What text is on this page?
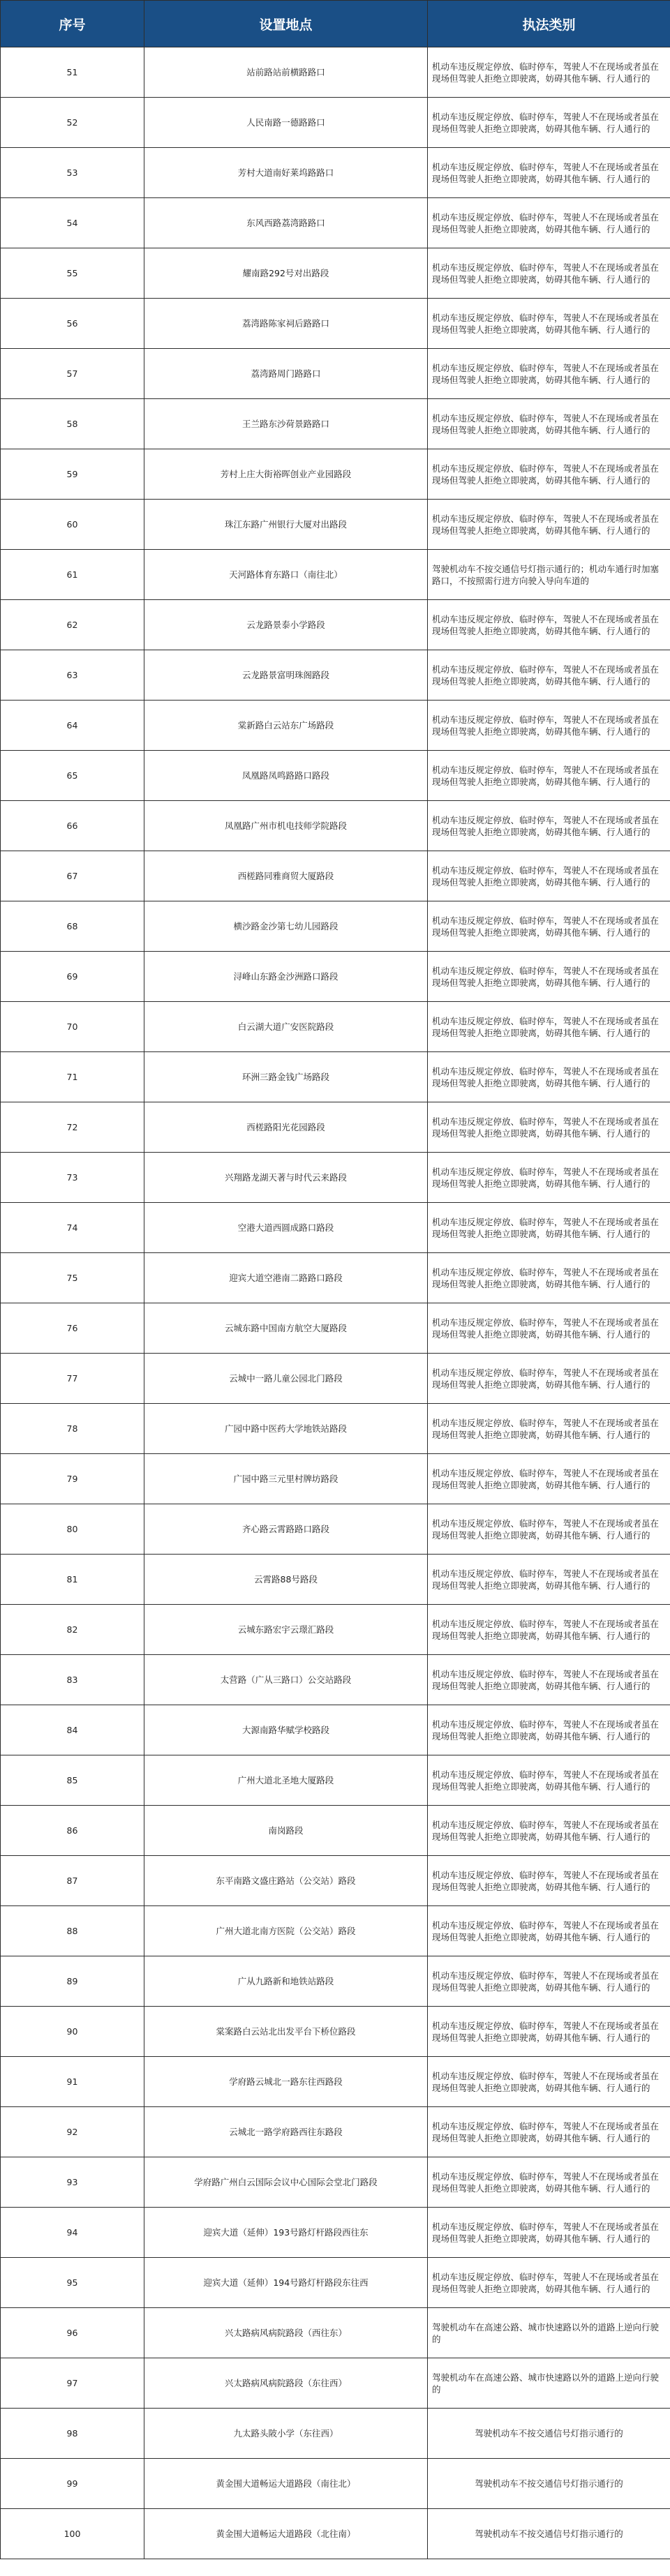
序号	设置地点	执法类别
51	站前路站前横路路口	机动车违反规定停放、临时停车，驾驶人不在现场或者虽在现场但驾驶人拒绝立即驶离，妨碍其他车辆、行人通行的
52	人民南路一德路路口	机动车违反规定停放、临时停车，驾驶人不在现场或者虽在现场但驾驶人拒绝立即驶离，妨碍其他车辆、行人通行的
53	芳村大道南好莱坞路路口	机动车违反规定停放、临时停车，驾驶人不在现场或者虽在现场但驾驶人拒绝立即驶离，妨碍其他车辆、行人通行的
54	东风西路荔湾路路口	机动车违反规定停放、临时停车，驾驶人不在现场或者虽在现场但驾驶人拒绝立即驶离，妨碍其他车辆、行人通行的
55	耀南路292号对出路段	机动车违反规定停放、临时停车，驾驶人不在现场或者虽在现场但驾驶人拒绝立即驶离，妨碍其他车辆、行人通行的
56	荔湾路陈家祠后路路口	机动车违反规定停放、临时停车，驾驶人不在现场或者虽在现场但驾驶人拒绝立即驶离，妨碍其他车辆、行人通行的
57	荔湾路周门路路口	机动车违反规定停放、临时停车，驾驶人不在现场或者虽在现场但驾驶人拒绝立即驶离，妨碍其他车辆、行人通行的
58	王兰路东沙荷景路路口	机动车违反规定停放、临时停车，驾驶人不在现场或者虽在现场但驾驶人拒绝立即驶离，妨碍其他车辆、行人通行的
59	芳村上庄大街裕晖创业产业园路段	机动车违反规定停放、临时停车，驾驶人不在现场或者虽在现场但驾驶人拒绝立即驶离，妨碍其他车辆、行人通行的
60	珠江东路广州银行大厦对出路段	机动车违反规定停放、临时停车，驾驶人不在现场或者虽在现场但驾驶人拒绝立即驶离，妨碍其他车辆、行人通行的
61	天河路体育东路口（南往北）	驾驶机动车不按交通信号灯指示通行的；机动车通行时加塞路口，不按照需行进方向驶入导向车道的
62	云龙路景泰小学路段	机动车违反规定停放、临时停车，驾驶人不在现场或者虽在现场但驾驶人拒绝立即驶离，妨碍其他车辆、行人通行的
63	云龙路景富明珠阁路段	机动车违反规定停放、临时停车，驾驶人不在现场或者虽在现场但驾驶人拒绝立即驶离，妨碍其他车辆、行人通行的
64	棠新路白云站东广场路段	机动车违反规定停放、临时停车，驾驶人不在现场或者虽在现场但驾驶人拒绝立即驶离，妨碍其他车辆、行人通行的
65	凤凰路凤鸣路路口路段	机动车违反规定停放、临时停车，驾驶人不在现场或者虽在现场但驾驶人拒绝立即驶离，妨碍其他车辆、行人通行的
66	凤凰路广州市机电技师学院路段	机动车违反规定停放、临时停车，驾驶人不在现场或者虽在现场但驾驶人拒绝立即驶离，妨碍其他车辆、行人通行的
67	西槎路同雅商贸大厦路段	机动车违反规定停放、临时停车，驾驶人不在现场或者虽在现场但驾驶人拒绝立即驶离，妨碍其他车辆、行人通行的
68	横沙路金沙第七幼儿园路段	机动车违反规定停放、临时停车，驾驶人不在现场或者虽在现场但驾驶人拒绝立即驶离，妨碍其他车辆、行人通行的
69	浔峰山东路金沙洲路口路段	机动车违反规定停放、临时停车，驾驶人不在现场或者虽在现场但驾驶人拒绝立即驶离，妨碍其他车辆、行人通行的
70	白云湖大道广安医院路段	机动车违反规定停放、临时停车，驾驶人不在现场或者虽在现场但驾驶人拒绝立即驶离，妨碍其他车辆、行人通行的
71	环洲三路金钱广场路段	机动车违反规定停放、临时停车，驾驶人不在现场或者虽在现场但驾驶人拒绝立即驶离，妨碍其他车辆、行人通行的
72	西槎路阳光花园路段	机动车违反规定停放、临时停车，驾驶人不在现场或者虽在现场但驾驶人拒绝立即驶离，妨碍其他车辆、行人通行的
73	兴翔路龙湖天著与时代云来路段	机动车违反规定停放、临时停车，驾驶人不在现场或者虽在现场但驾驶人拒绝立即驶离，妨碍其他车辆、行人通行的
74	空港大道西圆成路口路段	机动车违反规定停放、临时停车，驾驶人不在现场或者虽在现场但驾驶人拒绝立即驶离，妨碍其他车辆、行人通行的
75	迎宾大道空港南二路路口路段	机动车违反规定停放、临时停车，驾驶人不在现场或者虽在现场但驾驶人拒绝立即驶离，妨碍其他车辆、行人通行的
76	云城东路中国南方航空大厦路段	机动车违反规定停放、临时停车，驾驶人不在现场或者虽在现场但驾驶人拒绝立即驶离，妨碍其他车辆、行人通行的
77	云城中一路儿童公园北门路段	机动车违反规定停放、临时停车，驾驶人不在现场或者虽在现场但驾驶人拒绝立即驶离，妨碍其他车辆、行人通行的
78	广园中路中医药大学地铁站路段	机动车违反规定停放、临时停车，驾驶人不在现场或者虽在现场但驾驶人拒绝立即驶离，妨碍其他车辆、行人通行的
79	广园中路三元里村牌坊路段	机动车违反规定停放、临时停车，驾驶人不在现场或者虽在现场但驾驶人拒绝立即驶离，妨碍其他车辆、行人通行的
80	齐心路云霄路路口路段	机动车违反规定停放、临时停车，驾驶人不在现场或者虽在现场但驾驶人拒绝立即驶离，妨碍其他车辆、行人通行的
81	云霄路88号路段	机动车违反规定停放、临时停车，驾驶人不在现场或者虽在现场但驾驶人拒绝立即驶离，妨碍其他车辆、行人通行的
82	云城东路宏宇云璟汇路段	机动车违反规定停放、临时停车，驾驶人不在现场或者虽在现场但驾驶人拒绝立即驶离，妨碍其他车辆、行人通行的
83	太营路（广从三路口）公交站路段	机动车违反规定停放、临时停车，驾驶人不在现场或者虽在现场但驾驶人拒绝立即驶离，妨碍其他车辆、行人通行的
84	大源南路华赋学校路段	机动车违反规定停放、临时停车，驾驶人不在现场或者虽在现场但驾驶人拒绝立即驶离，妨碍其他车辆、行人通行的
85	广州大道北圣地大厦路段	机动车违反规定停放、临时停车，驾驶人不在现场或者虽在现场但驾驶人拒绝立即驶离，妨碍其他车辆、行人通行的
86	南岗路段	机动车违反规定停放、临时停车，驾驶人不在现场或者虽在现场但驾驶人拒绝立即驶离，妨碍其他车辆、行人通行的
87	东平南路文盛庄路站（公交站）路段	机动车违反规定停放、临时停车，驾驶人不在现场或者虽在现场但驾驶人拒绝立即驶离，妨碍其他车辆、行人通行的
88	广州大道北南方医院（公交站）路段	机动车违反规定停放、临时停车，驾驶人不在现场或者虽在现场但驾驶人拒绝立即驶离，妨碍其他车辆、行人通行的
89	广从九路新和地铁站路段	机动车违反规定停放、临时停车，驾驶人不在现场或者虽在现场但驾驶人拒绝立即驶离，妨碍其他车辆、行人通行的
90	棠案路白云站北出发平台下桥位路段	机动车违反规定停放、临时停车，驾驶人不在现场或者虽在现场但驾驶人拒绝立即驶离，妨碍其他车辆、行人通行的
91	学府路云城北一路东往西路段	机动车违反规定停放、临时停车，驾驶人不在现场或者虽在现场但驾驶人拒绝立即驶离，妨碍其他车辆、行人通行的
92	云城北一路学府路西往东路段	机动车违反规定停放、临时停车，驾驶人不在现场或者虽在现场但驾驶人拒绝立即驶离，妨碍其他车辆、行人通行的
93	学府路广州白云国际会议中心国际会堂北门路段	机动车违反规定停放、临时停车，驾驶人不在现场或者虽在现场但驾驶人拒绝立即驶离，妨碍其他车辆、行人通行的
94	迎宾大道（延伸）193号路灯杆路段西往东	机动车违反规定停放、临时停车，驾驶人不在现场或者虽在现场但驾驶人拒绝立即驶离，妨碍其他车辆、行人通行的
95	迎宾大道（延伸）194号路灯杆路段东往西	机动车违反规定停放、临时停车，驾驶人不在现场或者虽在现场但驾驶人拒绝立即驶离，妨碍其他车辆、行人通行的
96	兴太路病风病院路段（西往东）	驾驶机动车在高速公路、城市快速路以外的道路上逆向行驶的
97	兴太路病风病院路段（东往西）	驾驶机动车在高速公路、城市快速路以外的道路上逆向行驶的
98	九太路头陂小学（东往西）	驾驶机动车不按交通信号灯指示通行的
99	黄金围大道畅运大道路段（南往北）	驾驶机动车不按交通信号灯指示通行的
100	黄金围大道畅运大道路段（北往南）	驾驶机动车不按交通信号灯指示通行的
